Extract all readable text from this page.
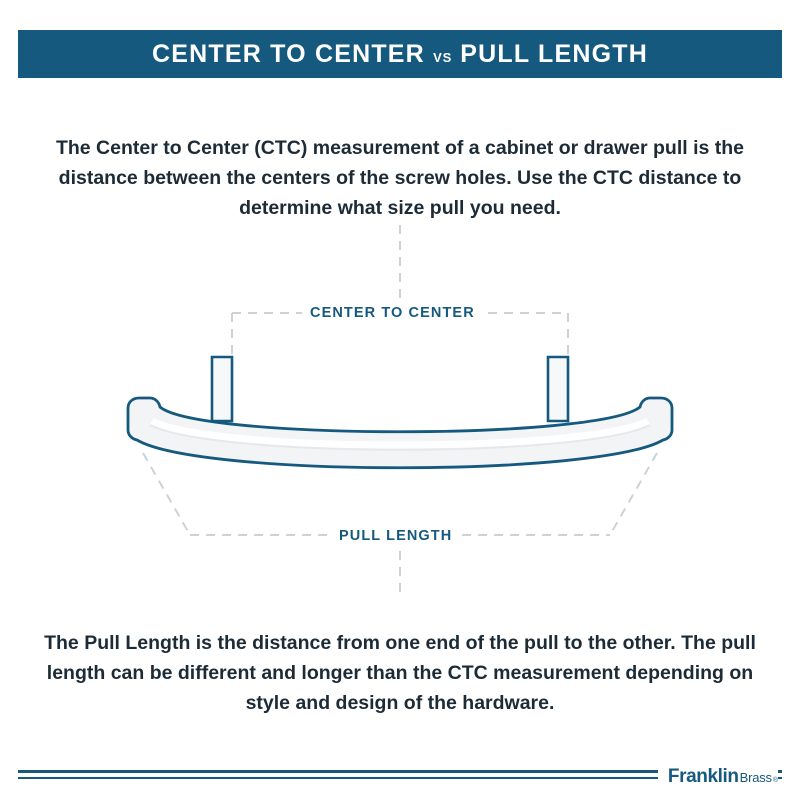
CENTER TO CENTER vs PULL LENGTH
The Center to Center (CTC) measurement of a cabinet or drawer pull is the distance between the centers of the screw holes. Use the CTC distance to determine what size pull you need.
CENTER TO CENTER
PULL LENGTH
The Pull Length is the distance from one end of the pull to the other. The pull length can be different and longer than the CTC measurement depending on style and design of the hardware.
Franklin Brass ®
